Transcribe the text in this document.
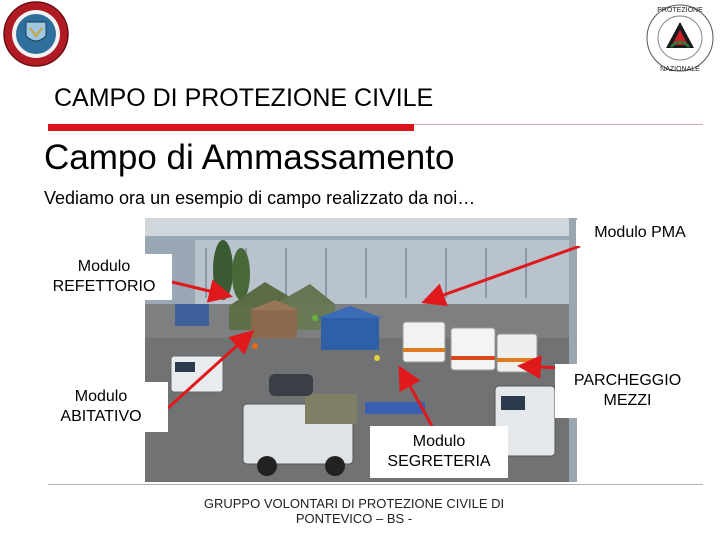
PROTEZIONE
NAZIONALE
CAMPO DI PROTEZIONE CIVILE
Campo di Ammassamento
Vediamo ora un esempio di campo realizzato da noi…
Modulo PMA
Modulo
REFETTORIO
Modulo
ABITATIVO
PARCHEGGIO
MEZZI
Modulo
SEGRETERIA
GRUPPO VOLONTARI DI PROTEZIONE CIVILE DI
PONTEVICO – BS -
